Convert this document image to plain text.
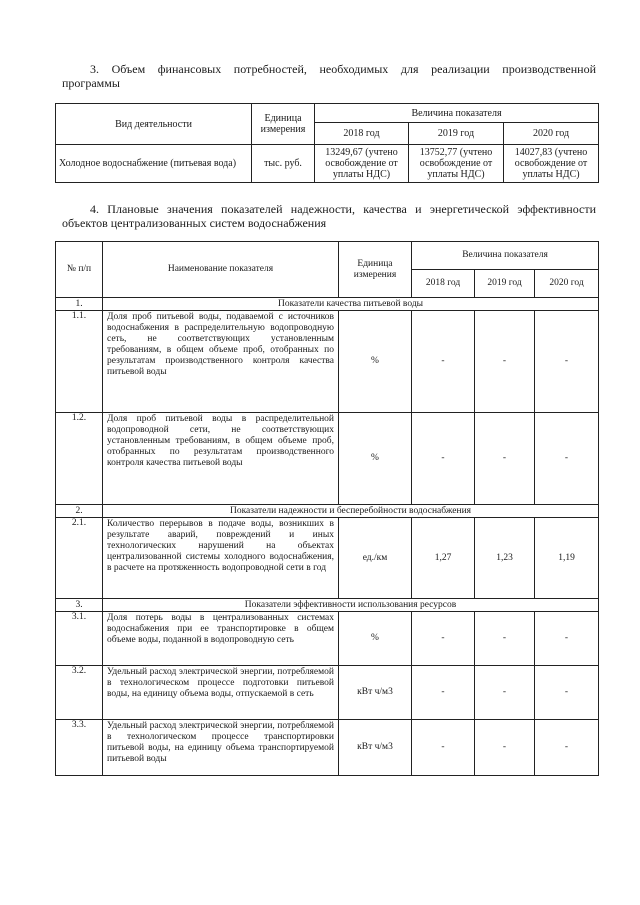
3. Объем финансовых потребностей, необходимых для реализации производственной
программы
Вид деятельности	Единица измерения	Величина показателя		
		2018 год	2019 год	2020 год
Холодное водоснабжение (питьевая вода)	тыс. руб.	13249,67 (учтено освобождение от уплаты НДС)	13752,77 (учтено освобождение от уплаты НДС)	14027,83 (учтено освобождение от уплаты НДС)
4. Плановые значения показателей надежности, качества и энергетической эффективности
объектов централизованных систем водоснабжения
№ п/п	Наименование показателя	Единица измерения	Величина показателя		
			2018 год	2019 год	2020 год
1.	Показатели качества питьевой воды				
1.1.	Доля проб питьевой воды, подаваемой с источников водоснабжения в распределительную водопроводную сеть, не соответствующих установленным требованиям, в общем объеме проб, отобранных по результатам производственного контроля качества питьевой воды	%	-	-	-
1.2.	Доля проб питьевой воды в распределительной водопроводной сети, не соответствующих установленным требованиям, в общем объеме проб, отобранных по результатам производственного контроля качества питьевой воды	%	-	-	-
2.	Показатели надежности и бесперебойности водоснабжения				
2.1.	Количество перерывов в подаче воды, возникших в результате аварий, повреждений и иных технологических нарушений на объектах централизованной системы холодного водоснабжения, в расчете на протяженность водопроводной сети в год	ед./км	1,27	1,23	1,19
3.	Показатели эффективности использования ресурсов				
3.1.	Доля потерь воды в централизованных системах водоснабжения при ее транспортировке в общем объеме воды, поданной в водопроводную сеть	%	-	-	-
3.2.	Удельный расход электрической энергии, потребляемой в технологическом процессе подготовки питьевой воды, на единицу объема воды, отпускаемой в сеть	кВт ч/м3	-	-	-
3.3.	Удельный расход электрической энергии, потребляемой в технологическом процессе транспортировки питьевой воды, на единицу объема транспортируемой питьевой воды	кВт ч/м3	-	-	-
